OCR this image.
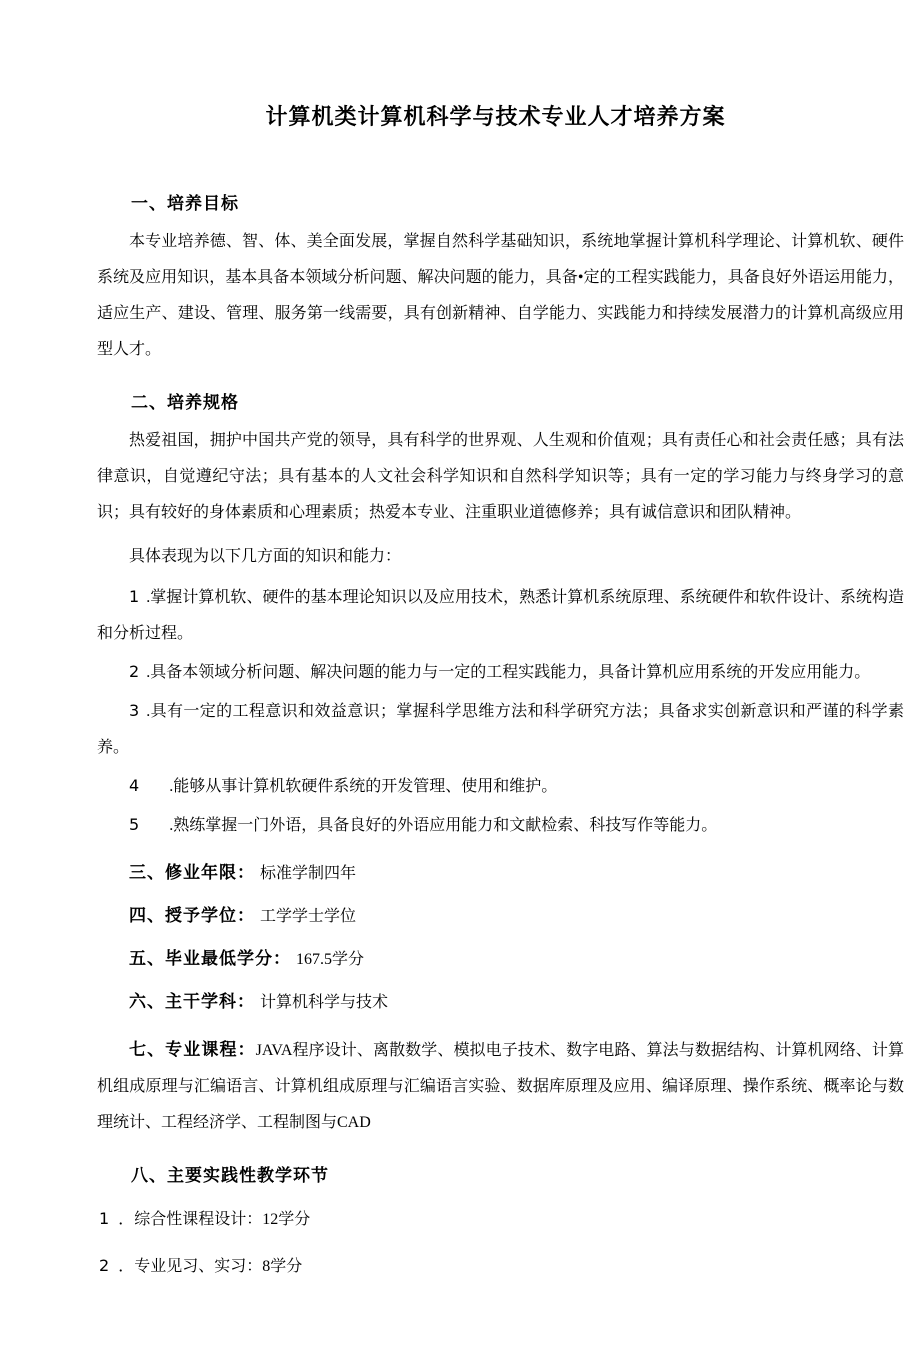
计算机类计算机科学与技术专业人才培养方案
一、培养目标

本专业培养德、智、体、美全面发展，掌握自然科学基础知识，系统地掌握计算机科学理论、计算机软、硬件系统及应用知识，基本具备本领域分析问题、解决问题的能力，具备•定的工程实践能力，具备良好外语运用能力，适应生产、建设、管理、服务第一线需要，具有创新精神、自学能力、实践能力和持续发展潜力的计算机高级应用型人才。

二、培养规格

热爱祖国，拥护中国共产党的领导，具有科学的世界观、人生观和价值观；具有责任心和社会责任感；具有法律意识，自觉遵纪守法；具有基本的人文社会科学知识和自然科学知识等；具有一定的学习能力与终身学习的意识；具有较好的身体素质和心理素质；热爱本专业、注重职业道德修养；具有诚信意识和团队精神。

具体表现为以下几方面的知识和能力：

1 .掌握计算机软、硬件的基本理论知识以及应用技术，熟悉计算机系统原理、系统硬件和软件设计、系统构造和分析过程。

2 .具备本领域分析问题、解决问题的能力与一定的工程实践能力，具备计算机应用系统的开发应用能力。

3 .具有一定的工程意识和效益意识；掌握科学思维方法和科学研究方法；具备求实创新意识和严谨的科学素养。

4 .能够从事计算机软硬件系统的开发管理、使用和维护。

5 .熟练掌握一门外语，具备良好的外语应用能力和文献检索、科技写作等能力。

三、修业年限： 标准学制四年

四、授予学位： 工学学士学位

五、毕业最低学分： 167.5学分

六、主干学科： 计算机科学与技术

七、专业课程：JAVA程序设计、离散数学、模拟电子技术、数字电路、算法与数据结构、计算机网络、计算机组成原理与汇编语言、计算机组成原理与汇编语言实验、数据库原理及应用、编译原理、操作系统、概率论与数理统计、工程经济学、工程制图与CAD

八、主要实践性教学环节

1 ．综合性课程设计：12学分

2 ．专业见习、实习：8学分
